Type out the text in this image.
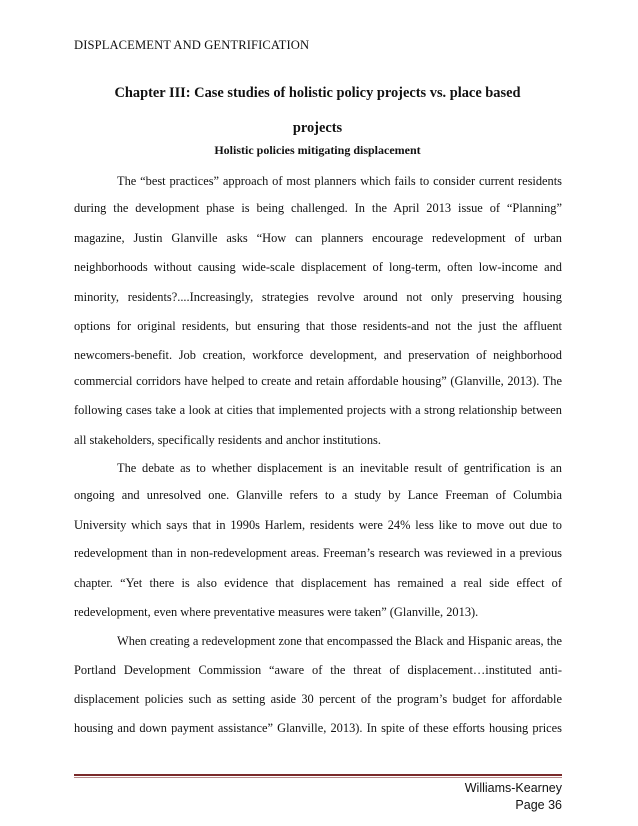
DISPLACEMENT AND GENTRIFICATION
Chapter III: Case studies of holistic policy projects vs. place based
projects
Holistic policies mitigating displacement
The “best practices” approach of most planners which fails to consider current residents
during the development phase is being challenged. In the April 2013 issue of “Planning”
magazine, Justin Glanville asks “How can planners encourage redevelopment of urban
neighborhoods without causing wide-scale displacement of long-term, often low-income and
minority, residents?....Increasingly, strategies revolve around not only preserving housing
options for original residents, but ensuring that those residents-and not the just the affluent
newcomers-benefit. Job creation, workforce development, and preservation of neighborhood
commercial corridors have helped to create and retain affordable housing” (Glanville, 2013). The
following cases take a look at cities that implemented projects with a strong relationship between
all stakeholders, specifically residents and anchor institutions.
The debate as to whether displacement is an inevitable result of gentrification is an
ongoing and unresolved one. Glanville refers to a study by Lance Freeman of Columbia
University which says that in 1990s Harlem, residents were 24% less like to move out due to
redevelopment than in non-redevelopment areas. Freeman’s research was reviewed in a previous
chapter. “Yet there is also evidence that displacement has remained a real side effect of
redevelopment, even where preventative measures were taken” (Glanville, 2013).
When creating a redevelopment zone that encompassed the Black and Hispanic areas, the
Portland Development Commission “aware of the threat of displacement…instituted anti-
displacement policies such as setting aside 30 percent of the program’s budget for affordable
housing and down payment assistance” Glanville, 2013). In spite of these efforts housing prices
Williams-Kearney
Page 36
